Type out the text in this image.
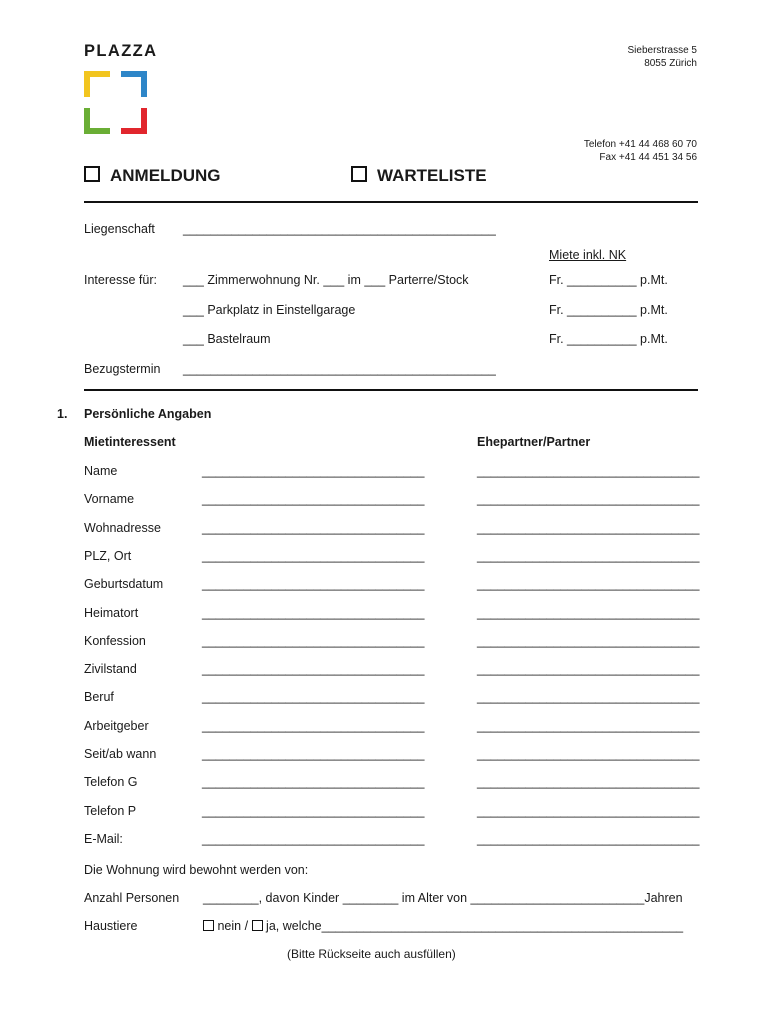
PLAZZA	Sieberstrasse 5
8055 Zürich
Telefon +41 44 468 60 70
Fax +41 44 451 34 56
ANMELDUNG	WARTELISTE
Liegenschaft _____________________________________________
Miete inkl. NK
Interesse für: ___ Zimmerwohnung Nr. ___ im ___ Parterre/Stock	Fr. __________ p.Mt.
___ Parkplatz in Einstellgarage	Fr. __________ p.Mt.
___ Bastelraum	Fr. __________ p.Mt.
Bezugstermin _____________________________________________
1. Persönliche Angaben
Mietinteressent	Ehepartner/Partner
Name	________________________________	________________________________
Vorname	________________________________	________________________________
Wohnadresse	________________________________	________________________________
PLZ, Ort	________________________________	________________________________
Geburtsdatum	________________________________	________________________________
Heimatort	________________________________	________________________________
Konfession	________________________________	________________________________
Zivilstand	________________________________	________________________________
Beruf	________________________________	________________________________
Arbeitgeber	________________________________	________________________________
Seit/ab wann	________________________________	________________________________
Telefon G	________________________________	________________________________
Telefon P	________________________________	________________________________
E-Mail:	________________________________	________________________________
Die Wohnung wird bewohnt werden von:
Anzahl Personen ________, davon Kinder ________ im Alter von _________________________Jahren
Haustiere	nein / ja, welche____________________________________________________
(Bitte Rückseite auch ausfüllen)
